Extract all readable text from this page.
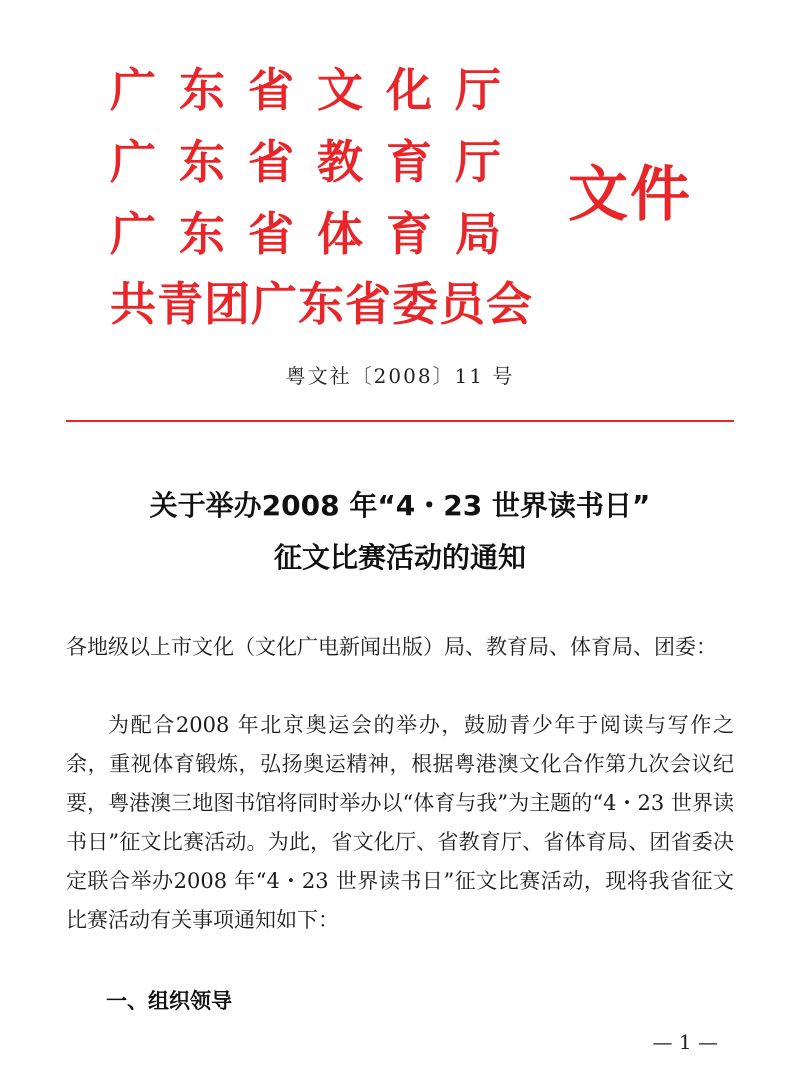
广东省文化厅
广东省教育厅
广东省体育局
共青团广东省委员会
文件
粤文社〔2008〕11 号
关于举办2008 年“4・23 世界读书日”
征文比赛活动的通知
各地级以上市文化（文化广电新闻出版）局、教育局、体育局、团委：
为配合2008 年北京奥运会的举办，鼓励青少年于阅读与写作之余，重视体育锻炼，弘扬奥运精神，根据粤港澳文化合作第九次会议纪要，粤港澳三地图书馆将同时举办以“体育与我”为主题的“4・23 世界读书日”征文比赛活动。为此，省文化厅、省教育厅、省体育局、团省委决定联合举办2008 年“4・23 世界读书日”征文比赛活动，现将我省征文比赛活动有关事项通知如下：
一、组织领导
— 1 —
